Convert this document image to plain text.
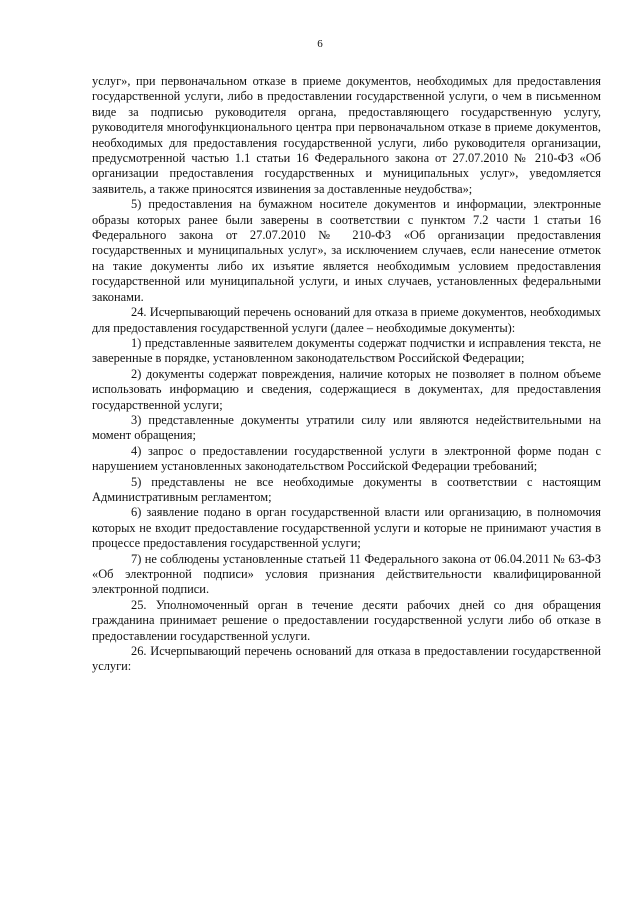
6

услуг», при первоначальном отказе в приеме документов, необходимых для предоставления государственной услуги, либо в предоставлении государственной услуги, о чем в письменном виде за подписью руководителя органа, предоставляющего государственную услугу, руководителя многофункционального центра при первоначальном отказе в приеме документов, необходимых для предоставления государственной услуги, либо руководителя организации, предусмотренной частью 1.1 статьи 16 Федерального закона от 27.07.2010 № 210-ФЗ «Об организации предоставления государственных и муниципальных услуг», уведомляется заявитель, а также приносятся извинения за доставленные неудобства»;

5) предоставления на бумажном носителе документов и информации, электронные образы которых ранее были заверены в соответствии с пунктом 7.2 части 1 статьи 16 Федерального закона от 27.07.2010 № 210-ФЗ «Об организации предоставления государственных и муниципальных услуг», за исключением случаев, если нанесение отметок на такие документы либо их изъятие является необходимым условием предоставления государственной или муниципальной услуги, и иных случаев, установленных федеральными законами.

24. Исчерпывающий перечень оснований для отказа в приеме документов, необходимых для предоставления государственной услуги (далее – необходимые документы):

1) представленные заявителем документы содержат подчистки и исправления текста, не заверенные в порядке, установленном законодательством Российской Федерации;

2) документы содержат повреждения, наличие которых не позволяет в полном объеме использовать информацию и сведения, содержащиеся в документах, для предоставления государственной услуги;

3) представленные документы утратили силу или являются недействительными на момент обращения;

4) запрос о предоставлении государственной услуги в электронной форме подан с нарушением установленных законодательством Российской Федерации требований;

5) представлены не все необходимые документы в соответствии с настоящим Административным регламентом;

6) заявление подано в орган государственной власти или организацию, в полномочия которых не входит предоставление государственной услуги и которые не принимают участия в процессе предоставления государственной услуги;

7) не соблюдены установленные статьей 11 Федерального закона от 06.04.2011 № 63-ФЗ «Об электронной подписи» условия признания действительности квалифицированной электронной подписи.

25. Уполномоченный орган в течение десяти рабочих дней со дня обращения гражданина принимает решение о предоставлении государственной услуги либо об отказе в предоставлении государственной услуги.

26. Исчерпывающий перечень оснований для отказа в предоставлении государственной услуги:
